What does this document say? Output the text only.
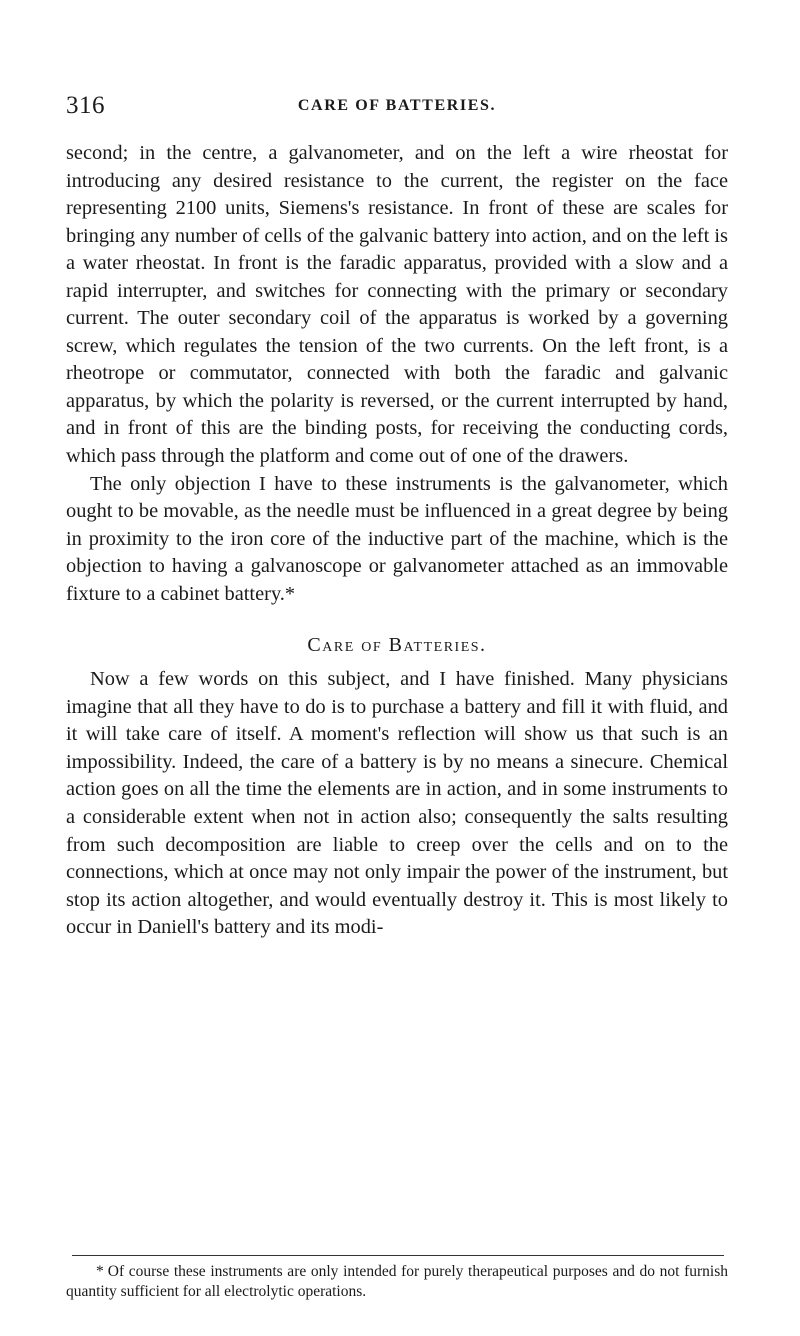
316	CARE OF BATTERIES.

second; in the centre, a galvanometer, and on the left a wire rheostat for introducing any desired resistance to the current, the register on the face representing 2100 units, Siemens's resistance. In front of these are scales for bringing any number of cells of the galvanic battery into action, and on the left is a water rheostat. In front is the faradic apparatus, provided with a slow and a rapid interrupter, and switches for connecting with the primary or secondary current. The outer secondary coil of the apparatus is worked by a governing screw, which regulates the tension of the two currents. On the left front, is a rheotrope or commutator, connected with both the faradic and galvanic apparatus, by which the polarity is reversed, or the current interrupted by hand, and in front of this are the binding posts, for receiving the conducting cords, which pass through the platform and come out of one of the drawers.

The only objection I have to these instruments is the galvanometer, which ought to be movable, as the needle must be influenced in a great degree by being in proximity to the iron core of the inductive part of the machine, which is the objection to having a galvanoscope or galvanometer attached as an immovable fixture to a cabinet battery.*

Care of Batteries.

Now a few words on this subject, and I have finished. Many physicians imagine that all they have to do is to purchase a battery and fill it with fluid, and it will take care of itself. A moment's reflection will show us that such is an impossibility. Indeed, the care of a battery is by no means a sinecure. Chemical action goes on all the time the elements are in action, and in some instruments to a considerable extent when not in action also; consequently the salts resulting from such decomposition are liable to creep over the cells and on to the connections, which at once may not only impair the power of the instrument, but stop its action altogether, and would eventually destroy it. This is most likely to occur in Daniell's battery and its modi-

* Of course these instruments are only intended for purely therapeutical purposes and do not furnish quantity sufficient for all electrolytic operations.
